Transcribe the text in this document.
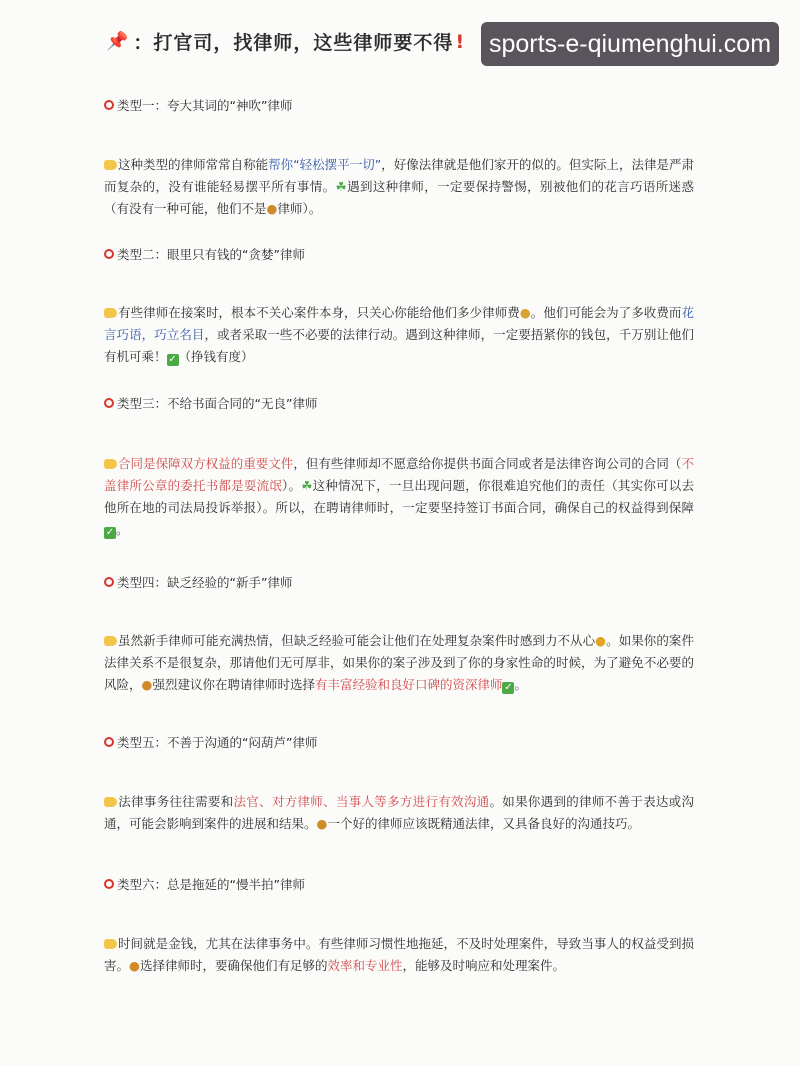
sports-e-qiumenghui.com
📌 ：打官司，找律师，这些律师要不得 !
类型一：夸大其词的“神吹”律师
这种类型的律师常常自称能帮你“轻松摆平一切”，好像法律就是他们家开的似的。但实际上，法律是严肃而复杂的，没有谁能轻易摆平所有事情。☘遇到这种律师，一定要保持警惕，别被他们的花言巧语所迷惑（有没有一种可能，他们不是●律师）。
类型二：眼里只有钱的“贪婪”律师
有些律师在接案时，根本不关心案件本身，只关心你能给他们多少律师费●。他们可能会为了多收费而花言巧语，巧立名目，或者采取一些不必要的法律行动。遇到这种律师，一定要捂紧你的钱包，千万别让他们有机可乘！ ✓ （挣钱有度）
类型三：不给书面合同的“无良”律师
合同是保障双方权益的重要文件，但有些律师却不愿意给你提供书面合同或者是法律咨询公司的合同（不盖律所公章的委托书都是耍流氓）。☘这种情况下，一旦出现问题，你很难追究他们的责任（其实你可以去他所在地的司法局投诉举报）。所以，在聘请律师时，一定要坚持签订书面合同，确保自己的权益得到保障✓ 。
类型四：缺乏经验的“新手”律师
虽然新手律师可能充满热情，但缺乏经验可能会让他们在处理复杂案件时感到力不从心●。如果你的案件法律关系不是很复杂，那请他们无可厚非，如果你的案子涉及到了你的身家性命的时候，为了避免不必要的风险，●强烈建议你在聘请律师时选择有丰富经验和良好口碑的资深律师 ✓ 。
类型五：不善于沟通的“闷葫芦”律师
法律事务往往需要和法官、对方律师、当事人等多方进行有效沟通。如果你遇到的律师不善于表达或沟通，可能会影响到案件的进展和结果。●一个好的律师应该既精通法律，又具备良好的沟通技巧。
类型六：总是拖延的“慢半拍”律师
时间就是金钱，尤其在法律事务中。有些律师习惯性地拖延，不及时处理案件，导致当事人的权益受到损害。●选择律师时，要确保他们有足够的效率和专业性，能够及时响应和处理案件。
